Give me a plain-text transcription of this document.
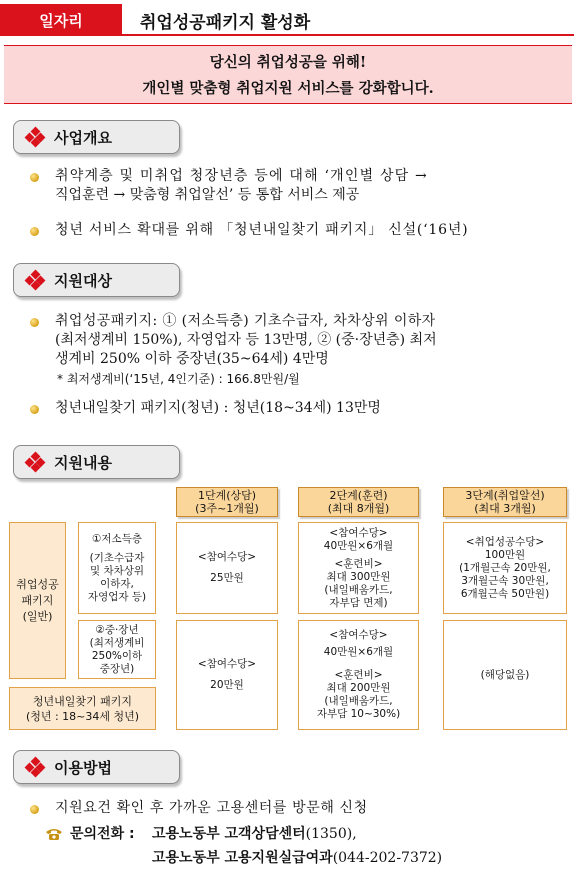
일자리	취업성공패키지 활성화
당신의 취업성공을 위해!
개인별 맞춤형 취업지원 서비스를 강화합니다.
사업개요
취약계층 및 미취업 청장년층 등에 대해 ‘개인별 상담 →
직업훈련 → 맞춤형 취업알선’ 등 통합 서비스 제공
청년 서비스 확대를 위해 「청년내일찾기 패키지」 신설(‘16년)
지원대상
취업성공패키지: ① (저소득층) 기초수급자, 차차상위 이하자
(최저생계비 150%), 자영업자 등 13만명, ② (중·장년층) 최저
생계비 250% 이하 중장년(35~64세) 4만명
* 최저생계비(‘15년, 4인기준) : 166.8만원/월
청년내일찾기 패키지(청년) : 청년(18~34세) 13만명
지원내용
1단계(상담)
(3주~1개월)
2단계(훈련)
(최대 8개월)
3단계(취업알선)
(최대 3개월)
취업성공
패키지
(일반)
①저소득층
(기초수급자
및 차차상위
이하자,
자영업자 등)
<참여수당>
25만원
<참여수당>
40만원×6개월
<훈련비>
최대 300만원
(내일배움카드,
자부담 면제)
<취업성공수당>
100만원
(1개월근속 20만원,
3개월근속 30만원,
6개월근속 50만원)
②중·장년
(최저생계비
250%이하
중장년)	<참여수당>
20만원
<참여수당>
40만원×6개월
<훈련비>
최대 200만원
(내일배움카드,
자부담 10~30%)
(해당없음)
청년내일찾기 패키지
(청년 : 18~34세 청년)
이용방법
지원요건 확인 후 가까운 고용센터를 방문해 신청
문의전화 : 고용노동부 고객상담센터(1350),
고용노동부 고용지원실급여과(044-202-7372)
